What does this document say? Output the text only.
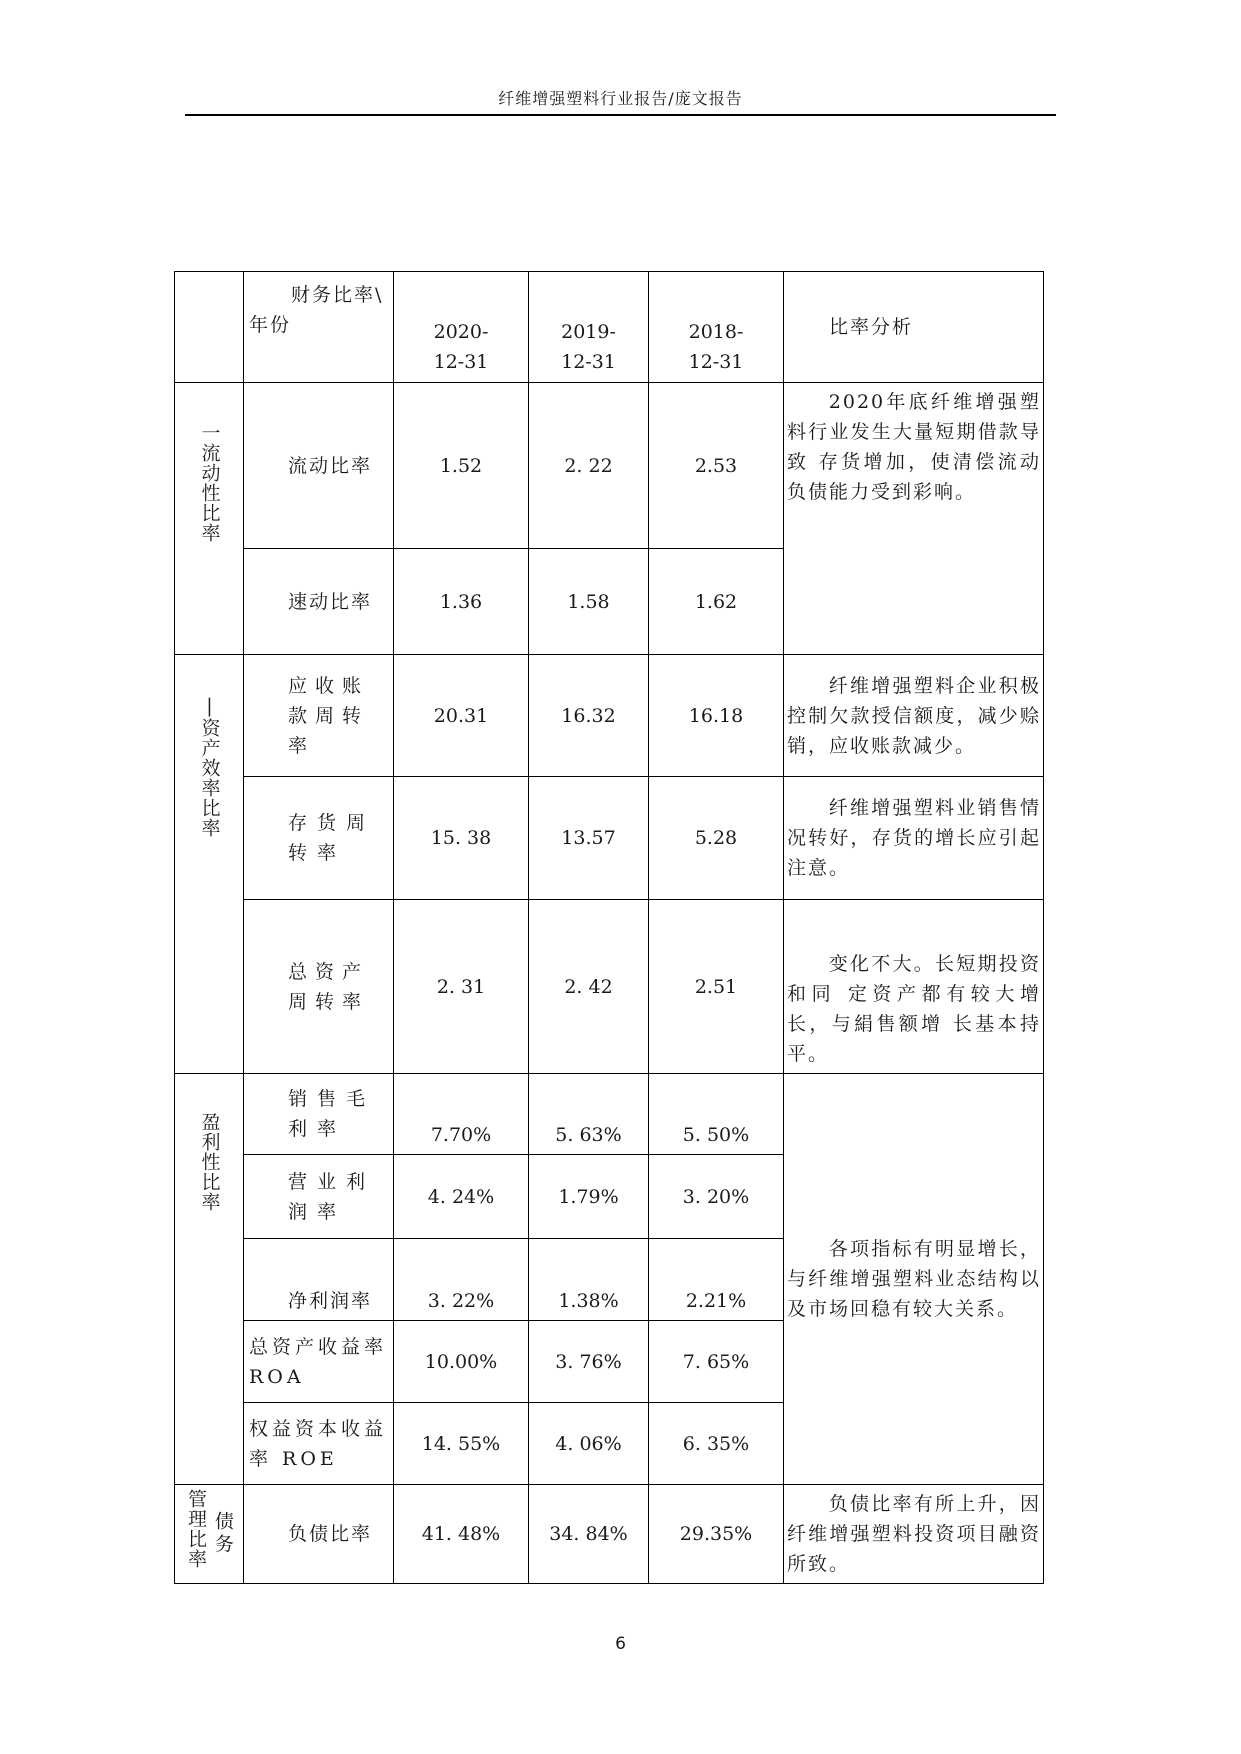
纤维增强塑料行业报告/庞文报告

	财务比率\
年份	2020-12-31	2019-12-31	2018-12-31	比率分析

一流动性比率	流动比率	1.52	2. 22	2.53	2020年底纤维增强塑料行业发生大量短期借款导致 存货增加，使清偿流动负债能力受到彩响。

	速动比率	1.36	1.58	1.62	

|资产效率比率	应收账款周转率	20.31	16.32	16.18	纤维增强塑料企业积极控制欠款授信额度，减少赊销，应收账款减少。

	存货周转率	15. 38	13.57	5.28	纤维增强塑料业销售情况转好，存货的增长应引起注意。

	总资产周转率	2. 31	2. 42	2.51	变化不大。长短期投资和同 定资产都有较大增长，与絹售额增 长基本持平。

盈利性比率	销售毛利率	7.70%	5. 63%	5. 50%	各项指标有明显增长，与纤维增强塑料业态结构以及市场回稳有较大关系。

	营业利润率	4. 24%	1.79%	3. 20%	
	净利润率	3. 22%	1.38%	2.21%	

	总资产收益率 ROA	10.00%	3. 76%	7. 65%	

	权益资本收益率 ROE	14. 55%	4. 06%	6. 35%	

管理比率 债务	负债比率	41. 48%	34. 84%	29.35%	负债比率有所上升，因纤维增强塑料投资项目融资所致。
6
